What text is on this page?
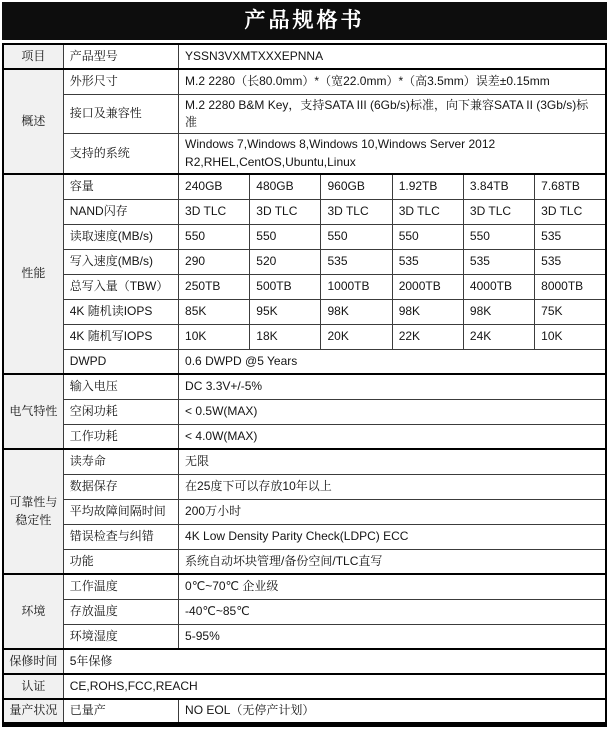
产品规格书
项目	产品型号	YSSN3VXMTXXXEPNNA					
概述	外形尺寸	M.2 2280（长80.0mm）*（宽22.0mm）*（高3.5mm）误差±0.15mm					
	接口及兼容性	M.2 2280 B&M Key，支持SATA III (6Gb/s)标准，向下兼容SATA II (3Gb/s)标准					
	支持的系统	Windows 7,Windows 8,Windows 10,Windows Server 2012 R2,RHEL,CentOS,Ubuntu,Linux					
性能	容量	240GB	480GB	960GB	1.92TB	3.84TB	7.68TB
	NAND闪存	3D TLC	3D TLC	3D TLC	3D TLC	3D TLC	3D TLC
	读取速度(MB/s)	550	550	550	550	550	535
	写入速度(MB/s)	290	520	535	535	535	535
	总写入量（TBW）	250TB	500TB	1000TB	2000TB	4000TB	8000TB
	4K 随机读IOPS	85K	95K	98K	98K	98K	75K
	4K 随机写IOPS	10K	18K	20K	22K	24K	10K
	DWPD	0.6 DWPD @5 Years					
电气特性	输入电压	DC 3.3V+/-5%					
	空闲功耗	< 0.5W(MAX)					
	工作功耗	< 4.0W(MAX)					
可靠性与稳定性	读寿命	无限					
	数据保存	在25度下可以存放10年以上					
	平均故障间隔时间	200万小时					
	错误检查与纠错	4K Low Density Parity Check(LDPC) ECC					
	功能	系统自动坏块管理/备份空间/TLC直写					
环境	工作温度	0℃~70℃ 企业级					
	存放温度	-40℃~85℃					
	环境湿度	5-95%					
保修时间	5年保修						
认证	CE,ROHS,FCC,REACH						
量产状况	已量产	NO EOL（无停产计划）					
